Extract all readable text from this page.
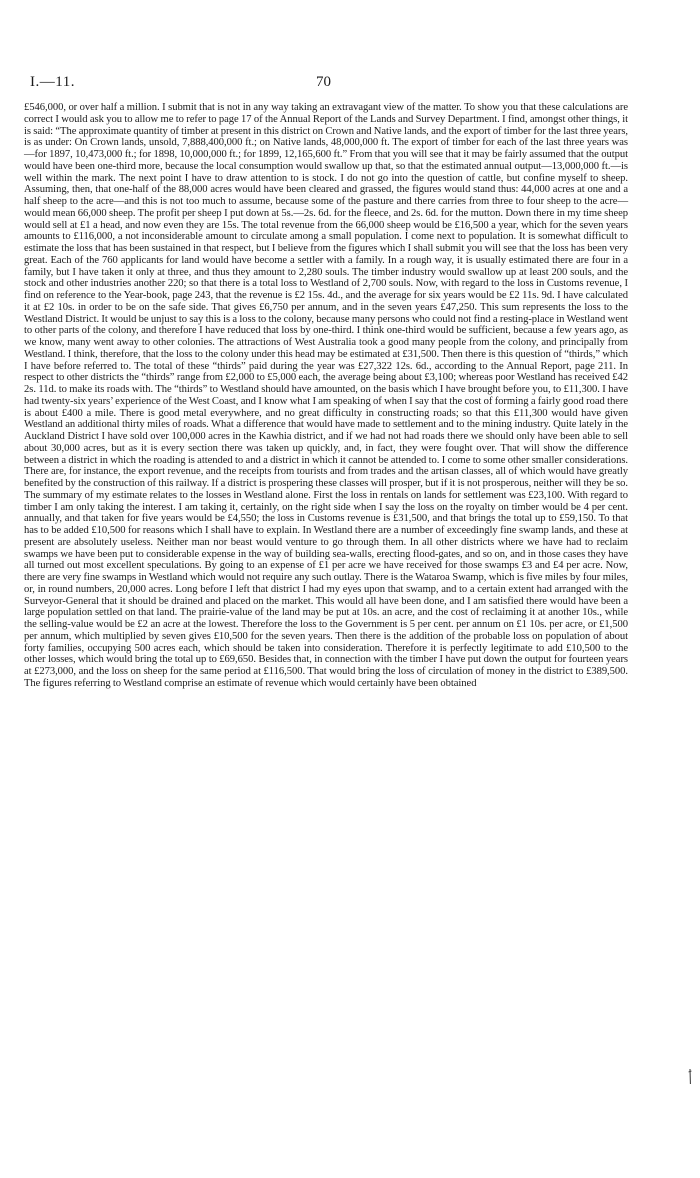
I.—11.	70

£546,000, or over half a million. I submit that is not in any way taking an extravagant view of the matter. To show you that these calculations are correct I would ask you to allow me to refer to page 17 of the Annual Report of the Lands and Survey Department. I find, amongst other things, it is said: “The approximate quantity of timber at present in this district on Crown and Native lands, and the export of timber for the last three years, is as under: On Crown lands, unsold, 7,888,400,000 ft.; on Native lands, 48,000,000 ft. The export of timber for each of the last three years was—for 1897, 10,473,000 ft.; for 1898, 10,000,000 ft.; for 1899, 12,165,600 ft.” From that you will see that it may be fairly assumed that the output would have been one-third more, because the local consumption would swallow up that, so that the estimated annual output—13,000,000 ft.—is well within the mark. The next point I have to draw attention to is stock. I do not go into the question of cattle, but confine myself to sheep. Assuming, then, that one-half of the 88,000 acres would have been cleared and grassed, the figures would stand thus: 44,000 acres at one and a half sheep to the acre—and this is not too much to assume, because some of the pasture and there carries from three to four sheep to the acre—would mean 66,000 sheep. The profit per sheep I put down at 5s.—2s. 6d. for the fleece, and 2s. 6d. for the mutton. Down there in my time sheep would sell at £1 a head, and now even they are 15s. The total revenue from the 66,000 sheep would be £16,500 a year, which for the seven years amounts to £116,000, a not inconsiderable amount to circulate among a small population. I come next to population. It is somewhat difficult to estimate the loss that has been sustained in that respect, but I believe from the figures which I shall submit you will see that the loss has been very great. Each of the 760 applicants for land would have become a settler with a family. In a rough way, it is usually estimated there are four in a family, but I have taken it only at three, and thus they amount to 2,280 souls. The timber industry would swallow up at least 200 souls, and the stock and other industries another 220; so that there is a total loss to Westland of 2,700 souls. Now, with regard to the loss in Customs revenue, I find on reference to the Year-book, page 243, that the revenue is £2 15s. 4d., and the average for six years would be £2 11s. 9d. I have calculated it at £2 10s. in order to be on the safe side. That gives £6,750 per annum, and in the seven years £47,250. This sum represents the loss to the Westland District. It would be unjust to say this is a loss to the colony, because many persons who could not find a resting-place in Westland went to other parts of the colony, and therefore I have reduced that loss by one-third. I think one-third would be sufficient, because a few years ago, as we know, many went away to other colonies. The attractions of West Australia took a good many people from the colony, and principally from Westland. I think, therefore, that the loss to the colony under this head may be estimated at £31,500. Then there is this question of “thirds,” which I have before referred to. The total of these “thirds” paid during the year was £27,322 12s. 6d., according to the Annual Report, page 211. In respect to other districts the “thirds” range from £2,000 to £5,000 each, the average being about £3,100; whereas poor Westland has received £42 2s. 11d. to make its roads with. The “thirds” to Westland should have amounted, on the basis which I have brought before you, to £11,300. I have had twenty-six years’ experience of the West Coast, and I know what I am speaking of when I say that the cost of forming a fairly good road there is about £400 a mile. There is good metal everywhere, and no great difficulty in constructing roads; so that this £11,300 would have given Westland an additional thirty miles of roads. What a difference that would have made to settlement and to the mining industry. Quite lately in the Auckland District I have sold over 100,000 acres in the Kawhia district, and if we had not had roads there we should only have been able to sell about 30,000 acres, but as it is every section there was taken up quickly, and, in fact, they were fought over. That will show the difference between a district in which the roading is attended to and a district in which it cannot be attended to. I come to some other smaller considerations. There are, for instance, the export revenue, and the receipts from tourists and from trades and the artisan classes, all of which would have greatly benefited by the construction of this railway. If a district is prospering these classes will prosper, but if it is not prosperous, neither will they be so. The summary of my estimate relates to the losses in Westland alone. First the loss in rentals on lands for settlement was £23,100. With regard to timber I am only taking the interest. I am taking it, certainly, on the right side when I say the loss on the royalty on timber would be 4 per cent. annually, and that taken for five years would be £4,550; the loss in Customs revenue is £31,500, and that brings the total up to £59,150. To that has to be added £10,500 for reasons which I shall have to explain. In Westland there are a number of exceedingly fine swamp lands, and these at present are absolutely useless. Neither man nor beast would venture to go through them. In all other districts where we have had to reclaim swamps we have been put to considerable expense in the way of building sea-walls, erecting flood-gates, and so on, and in those cases they have all turned out most excellent speculations. By going to an expense of £1 per acre we have received for those swamps £3 and £4 per acre. Now, there are very fine swamps in Westland which would not require any such outlay. There is the Wataroa Swamp, which is five miles by four miles, or, in round numbers, 20,000 acres. Long before I left that district I had my eyes upon that swamp, and to a certain extent had arranged with the Surveyor-General that it should be drained and placed on the market. This would all have been done, and I am satisfied there would have been a large population settled on that land. The prairie-value of the land may be put at 10s. an acre, and the cost of reclaiming it at another 10s., while the selling-value would be £2 an acre at the lowest. Therefore the loss to the Government is 5 per cent. per annum on £1 10s. per acre, or £1,500 per annum, which multiplied by seven gives £10,500 for the seven years. Then there is the addition of the probable loss on population of about forty families, occupying 500 acres each, which should be taken into consideration. Therefore it is perfectly legitimate to add £10,500 to the other losses, which would bring the total up to £69,650. Besides that, in connection with the timber I have put down the output for fourteen years at £273,000, and the loss on sheep for the same period at £116,500. That would bring the loss of circulation of money in the district to £389,500. The figures referring to Westland comprise an estimate of revenue which would certainly have been obtained
